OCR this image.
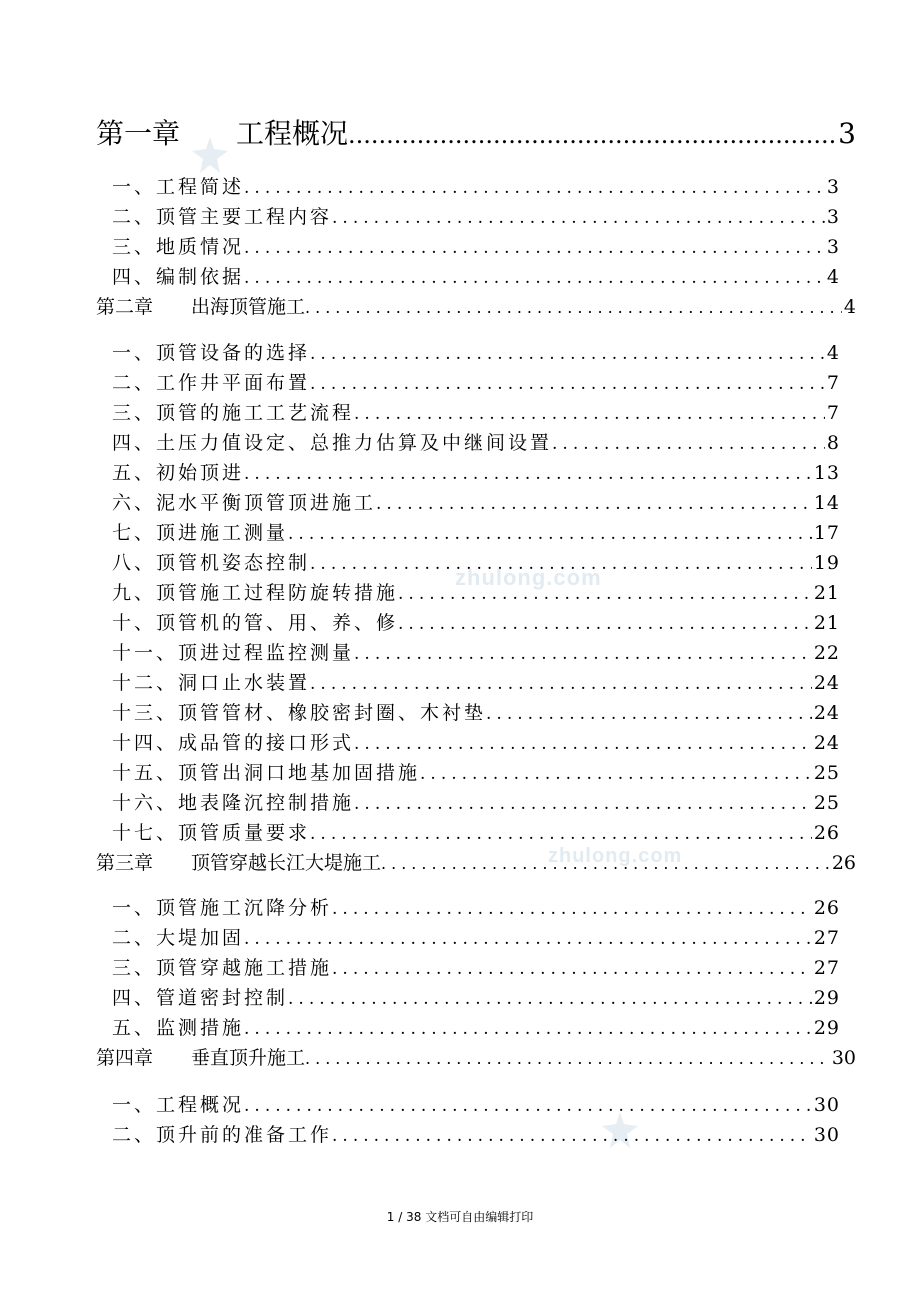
zhulong.com
zhulong.com
第一章　　工程概况 .....	3
一、工程简述 .....	3
二、顶管主要工程内容 .....	3
三、地质情况 .....	3
四、编制依据 .....	4
第二章　　出海顶管施工 .....	4
一、顶管设备的选择 .....	4
二、工作井平面布置 .....	7
三、顶管的施工工艺流程 .....	7
四、土压力值设定、总推力估算及中继间设置 .....	8
五、初始顶进 .....	13
六、泥水平衡顶管顶进施工 .....	14
七、顶进施工测量 .....	17
八、顶管机姿态控制 .....	19
九、顶管施工过程防旋转措施 .....	21
十、顶管机的管、用、养、修 .....	21
十一、顶进过程监控测量 .....	22
十二、洞口止水装置 .....	24
十三、顶管管材、橡胶密封圈、木衬垫 .....	24
十四、成品管的接口形式 .....	24
十五、顶管出洞口地基加固措施 .....	25
十六、地表隆沉控制措施 .....	25
十七、顶管质量要求 .....	26
第三章　　顶管穿越长江大堤施工 .....	26
一、顶管施工沉降分析 .....	26
二、大堤加固 .....	27
三、顶管穿越施工措施 .....	27
四、管道密封控制 .....	29
五、监测措施 .....	29
第四章　　垂直顶升施工 .....	30
一、工程概况 .....	30
二、顶升前的准备工作 .....	30
1 / 38 文档可自由编辑打印
